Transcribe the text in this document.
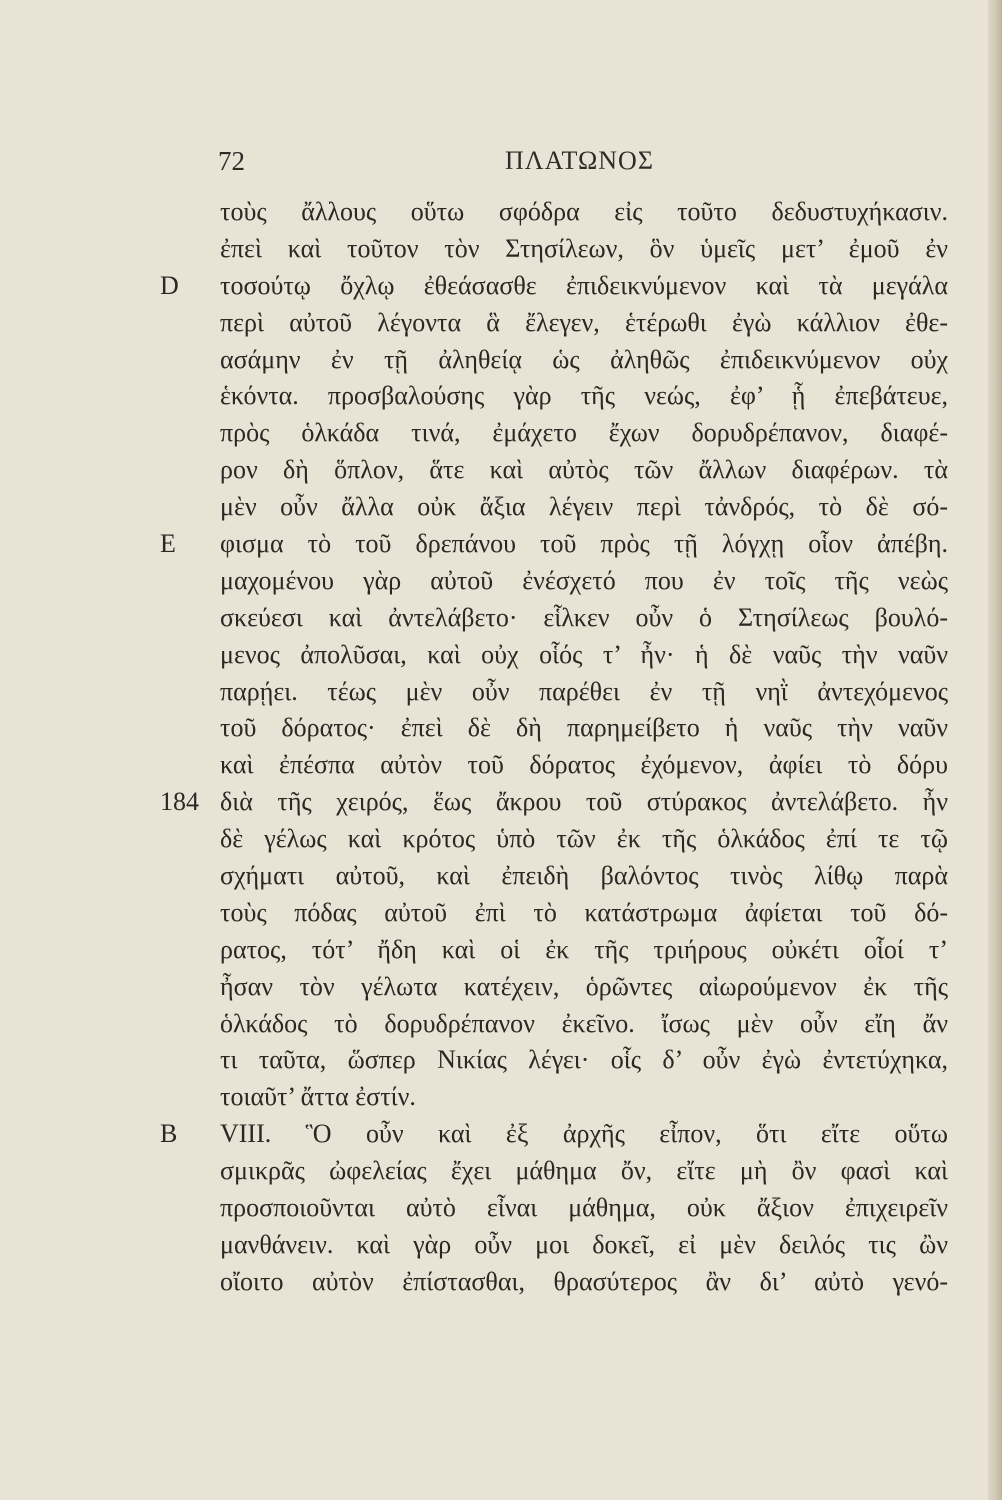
72	ΠΛΑΤΩΝΟΣ
τοὺς ἄλλους οὕτω σφόδρα εἰς τοῦτο δεδυστυχήκασιν.
ἐπεὶ καὶ τοῦτον τὸν Στησίλεων, ὃν ὑμεῖς μετ’ ἐμοῦ ἐν
D	τοσούτῳ ὄχλῳ ἐθεάσασθε ἐπιδεικνύμενον καὶ τὰ μεγάλα
περὶ αὐτοῦ λέγοντα ἃ ἔλεγεν, ἑτέρωθι ἐγὼ κάλλιον ἐθε-
ασάμην ἐν τῇ ἀληθείᾳ ὡς ἀληθῶς ἐπιδεικνύμενον οὐχ
ἑκόντα. προσβαλούσης γὰρ τῆς νεώς, ἐφ’ ᾗ ἐπεβάτευε,
πρὸς ὁλκάδα τινά, ἐμάχετο ἔχων δορυδρέπανον, διαφέ-
ρον δὴ ὅπλον, ἅτε καὶ αὐτὸς τῶν ἄλλων διαφέρων. τὰ
μὲν οὖν ἄλλα οὐκ ἄξια λέγειν περὶ τἀνδρός, τὸ δὲ σό-
E	φισμα τὸ τοῦ δρεπάνου τοῦ πρὸς τῇ λόγχῃ οἷον ἀπέβη.
μαχομένου γὰρ αὐτοῦ ἐνέσχετό που ἐν τοῖς τῆς νεὼς
σκεύεσι καὶ ἀντελάβετο· εἷλκεν οὖν ὁ Στησίλεως βουλό-
μενος ἀπολῦσαι, καὶ οὐχ οἷός τ’ ἦν· ἡ δὲ ναῦς τὴν ναῦν
παρῄει. τέως μὲν οὖν παρέθει ἐν τῇ νηῒ ἀντεχόμενος
τοῦ δόρατος· ἐπεὶ δὲ δὴ παρημείβετο ἡ ναῦς τὴν ναῦν
καὶ ἐπέσπα αὐτὸν τοῦ δόρατος ἐχόμενον, ἀφίει τὸ δόρυ
184 διὰ τῆς χειρός, ἕως ἄκρου τοῦ στύρακος ἀντελάβετο. ἦν
δὲ γέλως καὶ κρότος ὑπὸ τῶν ἐκ τῆς ὁλκάδος ἐπί τε τῷ
σχήματι αὐτοῦ, καὶ ἐπειδὴ βαλόντος τινὸς λίθῳ παρὰ
τοὺς πόδας αὐτοῦ ἐπὶ τὸ κατάστρωμα ἀφίεται τοῦ δό-
ρατος, τότ’ ἤδη καὶ οἱ ἐκ τῆς τριήρους οὐκέτι οἷοί τ’
ἦσαν τὸν γέλωτα κατέχειν, ὁρῶντες αἰωρούμενον ἐκ τῆς
ὁλκάδος τὸ δορυδρέπανον ἐκεῖνο. ἴσως μὲν οὖν εἴη ἄν
τι ταῦτα, ὥσπερ Νικίας λέγει· οἷς δ’ οὖν ἐγὼ ἐντετύχηκα,
τοιαῦτ’ ἄττα ἐστίν.
B	VIII. Ὃ οὖν καὶ ἐξ ἀρχῆς εἶπον, ὅτι εἴτε οὕτω
σμικρᾶς ὠφελείας ἔχει μάθημα ὄν, εἴτε μὴ ὂν φασὶ καὶ
προσποιοῦνται αὐτὸ εἶναι μάθημα, οὐκ ἄξιον ἐπιχειρεῖν
μανθάνειν. καὶ γὰρ οὖν μοι δοκεῖ, εἰ μὲν δειλός τις ὢν
οἴοιτο αὐτὸν ἐπίστασθαι, θρασύτερος ἂν δι’ αὐτὸ γενό-
